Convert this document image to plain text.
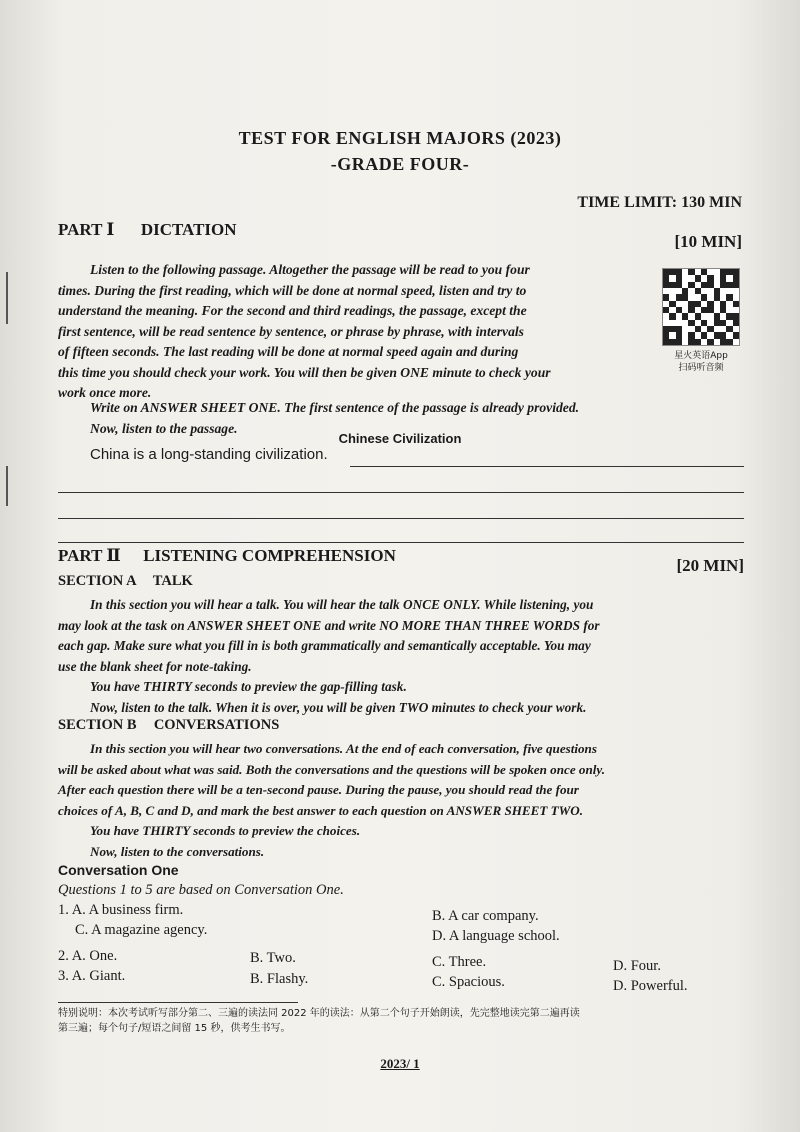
TEST FOR ENGLISH MAJORS (2023)
-GRADE FOUR-
TIME LIMIT: 130 MIN
PART Ⅰ DICTATION
[10 MIN]
星火英语App
扫码听音频
Listen to the following passage. Altogether the passage will be read to you four
times. During the first reading, which will be done at normal speed, listen and try to
understand the meaning. For the second and third readings, the passage, except the
first sentence, will be read sentence by sentence, or phrase by phrase, with intervals
of fifteen seconds. The last reading will be done at normal speed again and during
this time you should check your work. You will then be given ONE minute to check your
work once more.
Write on ANSWER SHEET ONE. The first sentence of the passage is already provided.
Now, listen to the passage.
Chinese Civilization
China is a long-standing civilization.
PART Ⅱ LISTENING COMPREHENSION
[20 MIN]
SECTION A TALK
In this section you will hear a talk. You will hear the talk ONCE ONLY. While listening, you
may look at the task on ANSWER SHEET ONE and write NO MORE THAN THREE WORDS for
each gap. Make sure what you fill in is both grammatically and semantically acceptable. You may
use the blank sheet for note-taking.
You have THIRTY seconds to preview the gap-filling task.
Now, listen to the talk. When it is over, you will be given TWO minutes to check your work.
SECTION B CONVERSATIONS
In this section you will hear two conversations. At the end of each conversation, five questions
will be asked about what was said. Both the conversations and the questions will be spoken once only.
After each question there will be a ten-second pause. During the pause, you should read the four
choices of A, B, C and D, and mark the best answer to each question on ANSWER SHEET TWO.
You have THIRTY seconds to preview the choices.
Now, listen to the conversations.
Conversation One
Questions 1 to 5 are based on Conversation One.
1. A. A business firm.	B. A car company.
C. A magazine agency.	D. A language school.
2. A. One.	B. Two.	C. Three.	D. Four.
3. A. Giant.	B. Flashy.	C. Spacious.	D. Powerful.
特别说明：本次考试听写部分第二、三遍的读法同 2022 年的读法：从第二个句子开始朗读，先完整地读完第二遍再读
第三遍；每个句子/短语之间留 15 秒，供考生书写。
2023/ 1
